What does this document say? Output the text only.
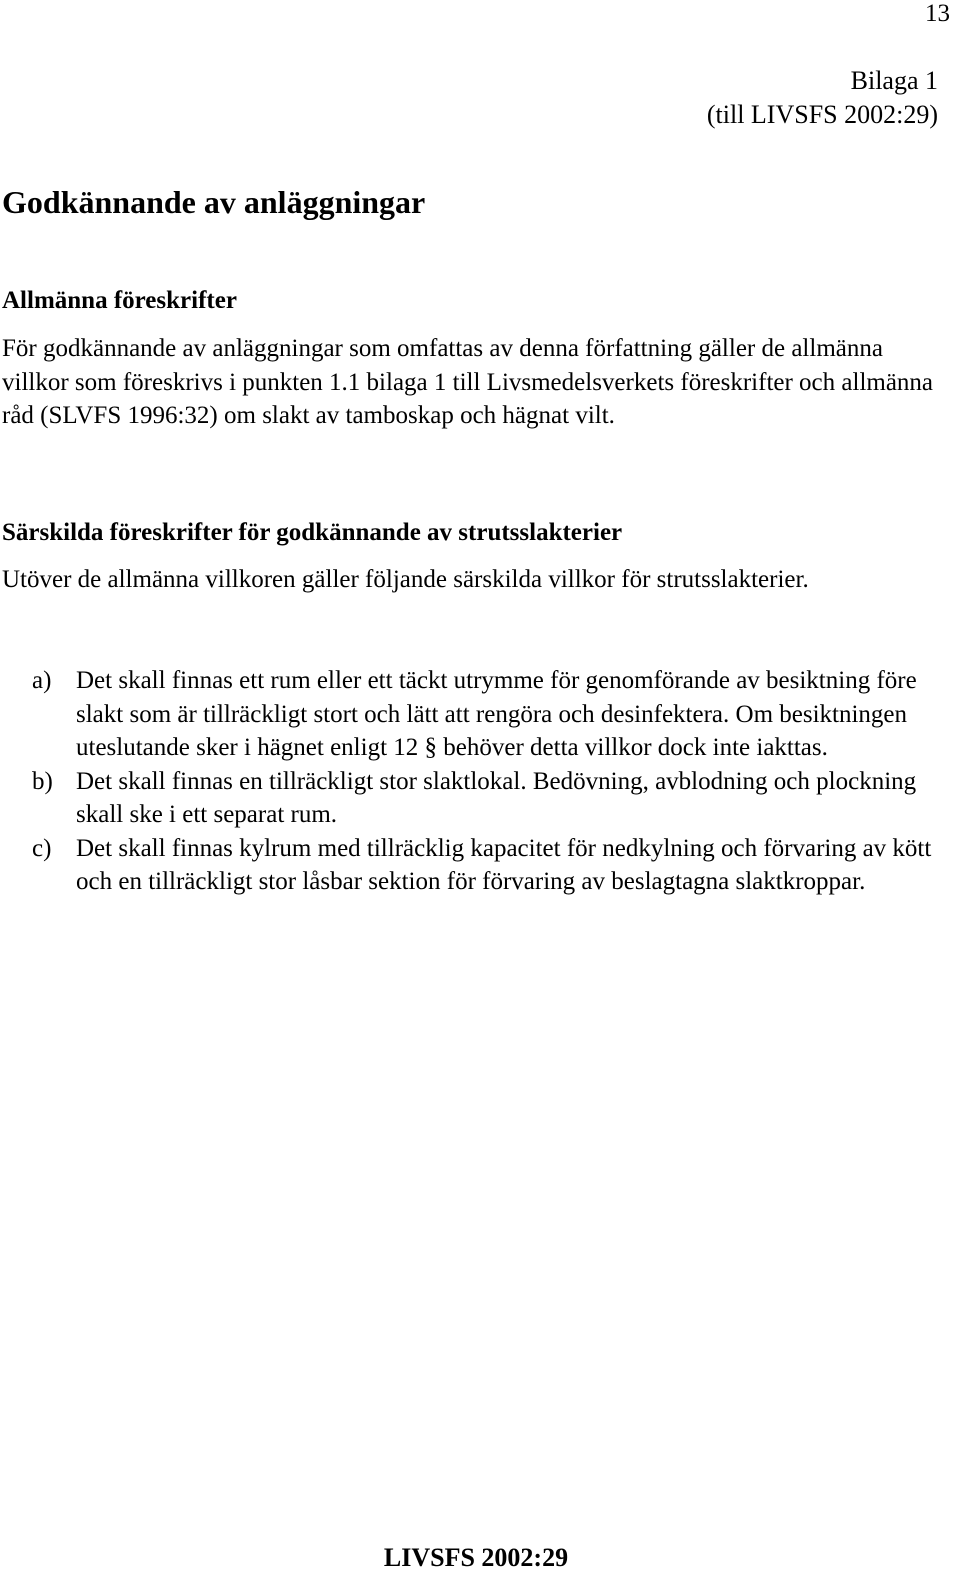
13
Bilaga 1
(till LIVSFS 2002:29)
Godkännande av anläggningar
Allmänna föreskrifter

För godkännande av anläggningar som omfattas av denna författning gäller de allmänna villkor som föreskrivs i punkten 1.1 bilaga 1 till Livsmedelsverkets föreskrifter och allmänna råd (SLVFS 1996:32) om slakt av tamboskap och hägnat vilt.

Särskilda föreskrifter för godkännande av strutsslakterier

Utöver de allmänna villkoren gäller följande särskilda villkor för strutsslakterier.

a) Det skall finnas ett rum eller ett täckt utrymme för genomförande av besiktning före slakt som är tillräckligt stort och lätt att rengöra och desinfektera. Om besiktningen uteslutande sker i hägnet enligt 12 § behöver detta villkor dock inte iakttas.
b) Det skall finnas en tillräckligt stor slaktlokal. Bedövning, avblodning och plockning skall ske i ett separat rum.
c) Det skall finnas kylrum med tillräcklig kapacitet för nedkylning och förvaring av kött och en tillräckligt stor låsbar sektion för förvaring av beslagtagna slaktkroppar.
LIVSFS 2002:29
